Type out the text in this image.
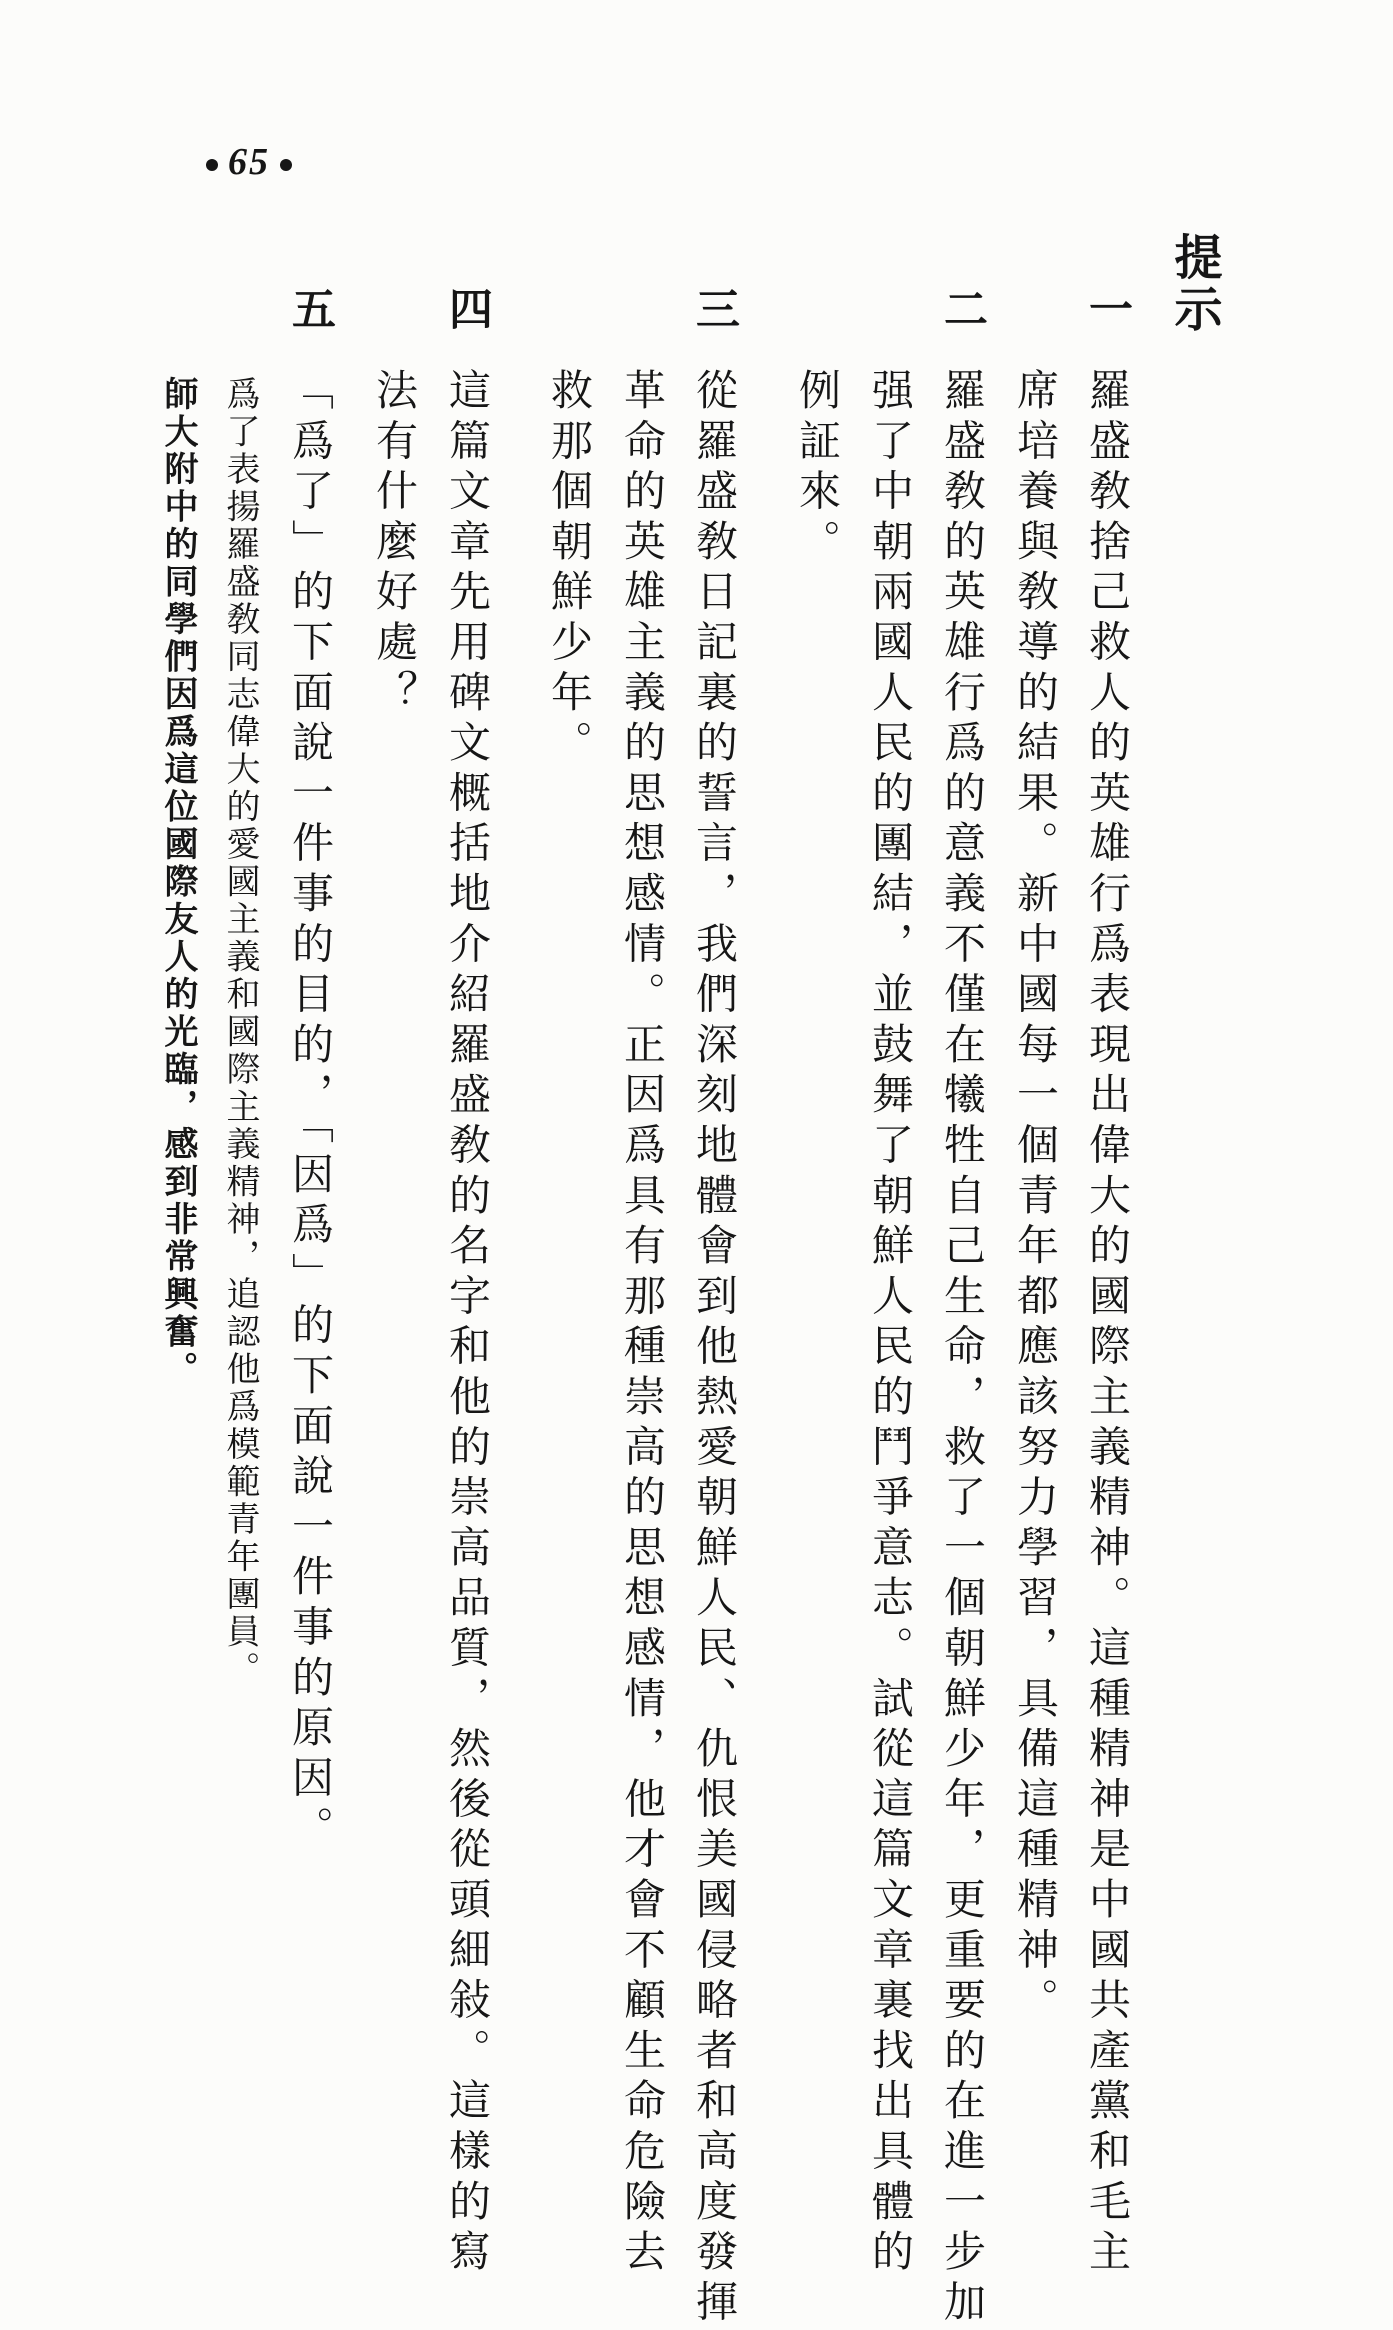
65
提示
一
羅盛敎捨己救人的英雄行爲表現出偉大的國際主義精神。這種精神是中國共產黨和毛主
席培養與敎導的結果。新中國每一個青年都應該努力學習，具備這種精神。
二
羅盛敎的英雄行爲的意義不僅在犧牲自己生命，救了一個朝鮮少年，更重要的在進一步加
强了中朝兩國人民的團結，並鼓舞了朝鮮人民的鬥爭意志。試從這篇文章裏找出具體的
例証來。
三
從羅盛敎日記裏的誓言，我們深刻地體會到他熱愛朝鮮人民、仇恨美國侵略者和高度發揮
革命的英雄主義的思想感情。正因爲具有那種崇高的思想感情，他才會不顧生命危險去
救那個朝鮮少年。
四
這篇文章先用碑文概括地介紹羅盛敎的名字和他的崇高品質，然後從頭細敍。這樣的寫
法有什麼好處？
五
「爲了」的下面說一件事的目的，「因爲」的下面說一件事的原因。
爲了表揚羅盛敎同志偉大的愛國主義和國際主義精神，追認他爲模範青年團員。
師大附中的同學們因爲這位國際友人的光臨，感到非常興奮。
